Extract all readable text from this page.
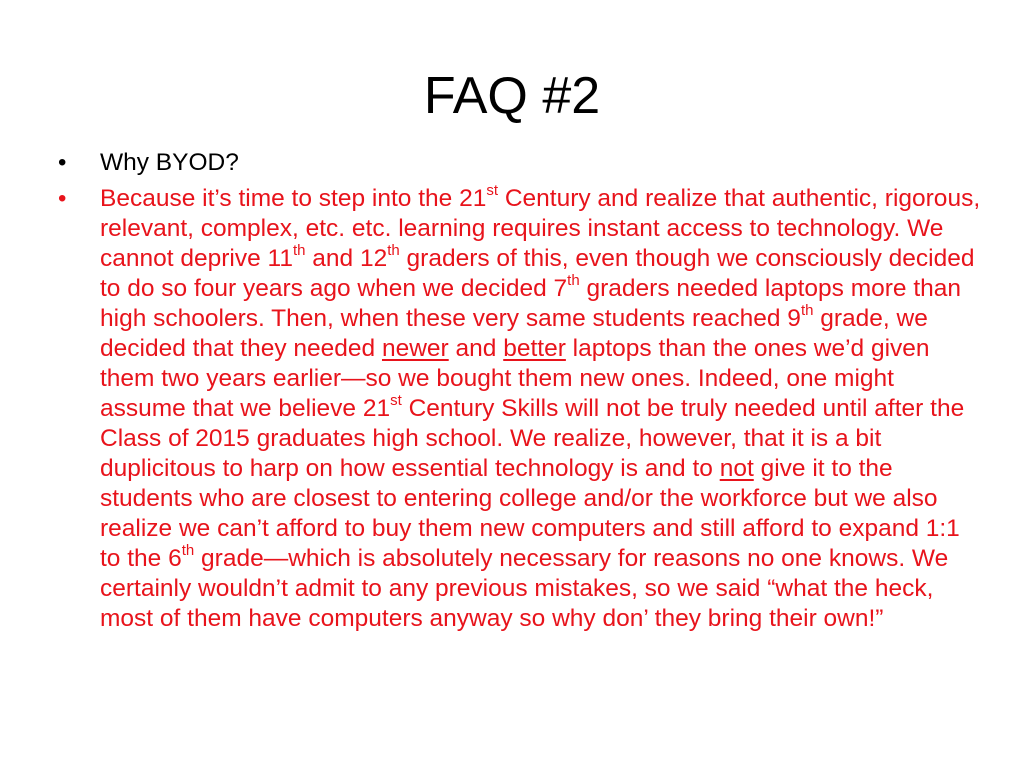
FAQ #2
• Why BYOD?
• Because it’s time to step into the 21st Century and realize that authentic, rigorous, relevant, complex, etc. etc. learning requires instant access to technology. We cannot deprive 11th and 12th graders of this, even though we consciously decided to do so four years ago when we decided 7th graders needed laptops more than high schoolers. Then, when these very same students reached 9th grade, we decided that they needed newer and better laptops than the ones we’d given them two years earlier—so we bought them new ones. Indeed, one might assume that we believe 21st Century Skills will not be truly needed until after the Class of 2015 graduates high school. We realize, however, that it is a bit duplicitous to harp on how essential technology is and to not give it to the students who are closest to entering college and/or the workforce but we also realize we can’t afford to buy them new computers and still afford to expand 1:1 to the 6th grade—which is absolutely necessary for reasons no one knows. We certainly wouldn’t admit to any previous mistakes, so we said “what the heck, most of them have computers anyway so why don’ they bring their own!”
